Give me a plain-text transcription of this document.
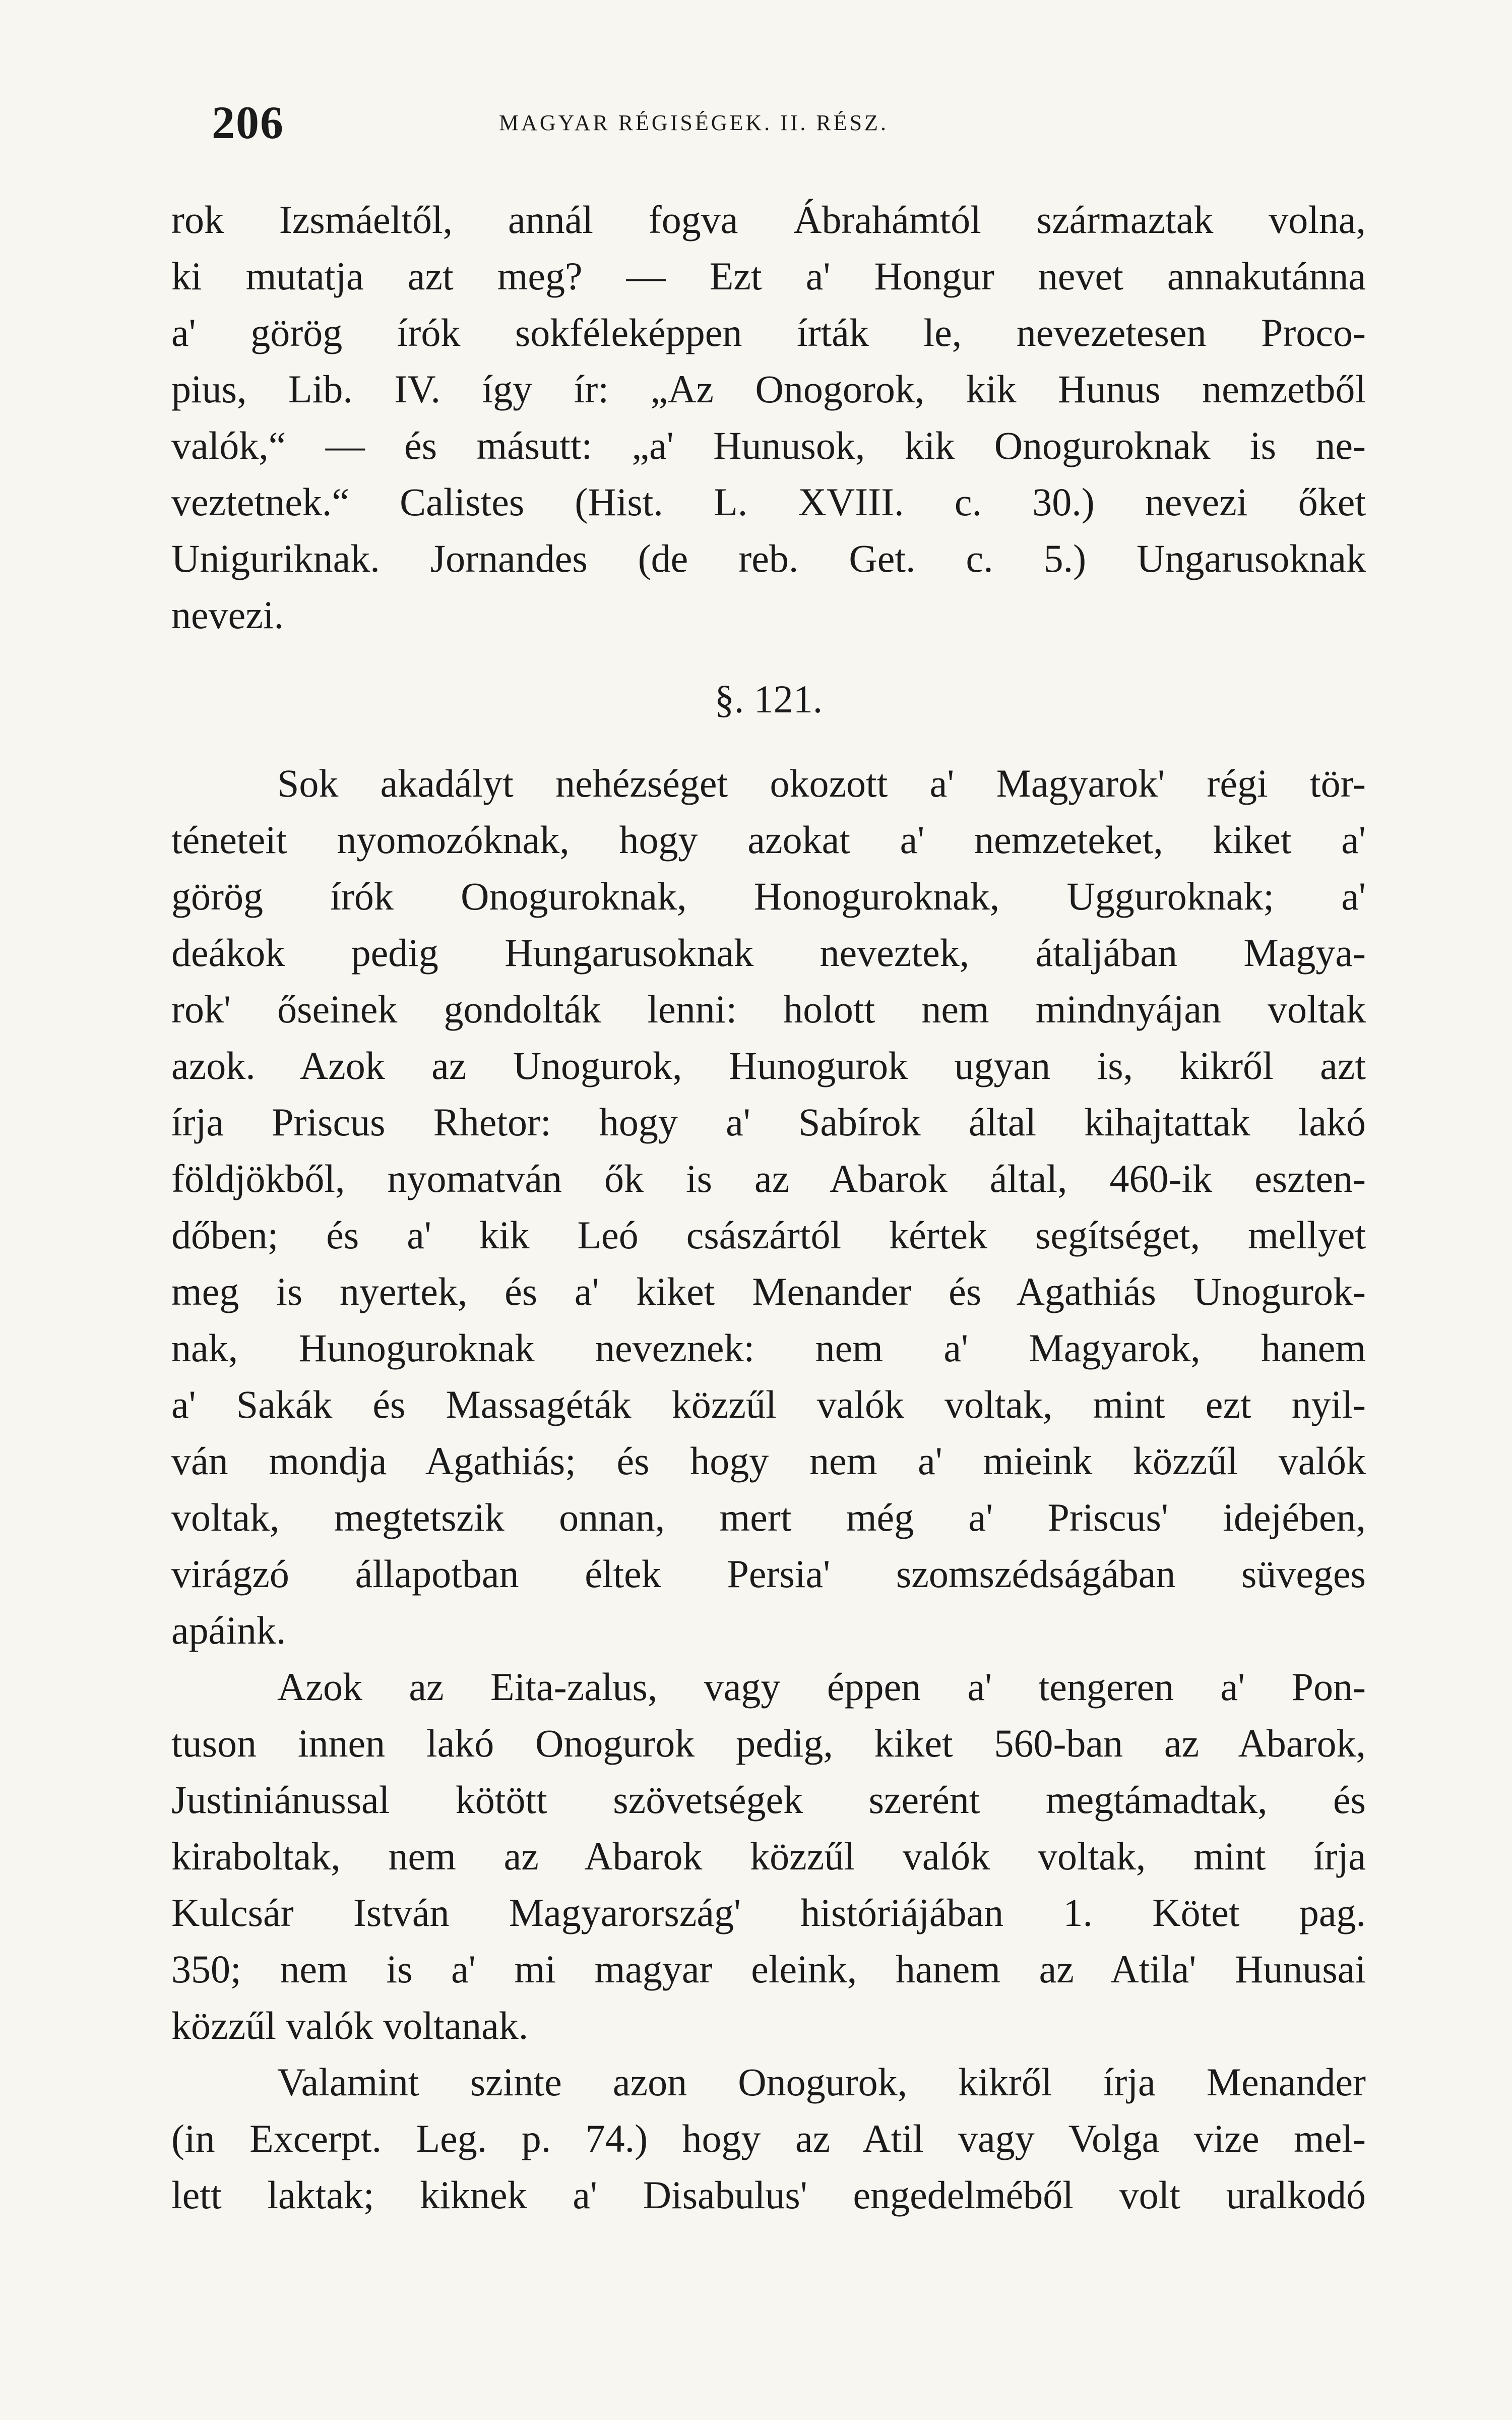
206	MAGYAR RÉGISÉGEK. II. RÉSZ.
rok Izsmáeltől, annál fogva Ábrahámtól származtak volna,
ki mutatja azt meg? — Ezt a' Hongur nevet annakutánna
a' görög írók sokféleképpen írták le, nevezetesen Proco-
pius, Lib. IV. így ír: „Az Onogorok, kik Hunus nemzetből
valók,“ — és másutt: „a' Hunusok, kik Onoguroknak is ne-
veztetnek.“ Calistes (Hist. L. XVIII. c. 30.) nevezi őket
Uniguriknak. Jornandes (de reb. Get. c. 5.) Ungarusoknak
nevezi.
§. 121.
Sok akadályt nehézséget okozott a' Magyarok' régi tör-
téneteit nyomozóknak, hogy azokat a' nemzeteket, kiket a'
görög írók Onoguroknak, Honoguroknak, Ugguroknak; a'
deákok pedig Hungarusoknak neveztek, átaljában Magya-
rok' őseinek gondolták lenni: holott nem mindnyájan voltak
azok. Azok az Unogurok, Hunogurok ugyan is, kikről azt
írja Priscus Rhetor: hogy a' Sabírok által kihajtattak lakó
földjökből, nyomatván ők is az Abarok által, 460-ik eszten-
dőben; és a' kik Leó császártól kértek segítséget, mellyet
meg is nyertek, és a' kiket Menander és Agathiás Unogurok-
nak, Hunoguroknak neveznek: nem a' Magyarok, hanem
a' Sakák és Massagéták közzűl valók voltak, mint ezt nyil-
ván mondja Agathiás; és hogy nem a' mieink közzűl valók
voltak, megtetszik onnan, mert még a' Priscus' idejében,
virágzó állapotban éltek Persia' szomszédságában süveges
apáink.
Azok az Eita-zalus, vagy éppen a' tengeren a' Pon-
tuson innen lakó Onogurok pedig, kiket 560-ban az Abarok,
Justiniánussal kötött szövetségek szerént megtámadtak, és
kiraboltak, nem az Abarok közzűl valók voltak, mint írja
Kulcsár István Magyarország' históriájában 1. Kötet pag.
350; nem is a' mi magyar eleink, hanem az Atila' Hunusai
közzűl valók voltanak.
Valamint szinte azon Onogurok, kikről írja Menander
(in Excerpt. Leg. p. 74.) hogy az Atil vagy Volga vize mel-
lett laktak; kiknek a' Disabulus' engedelméből volt uralkodó
